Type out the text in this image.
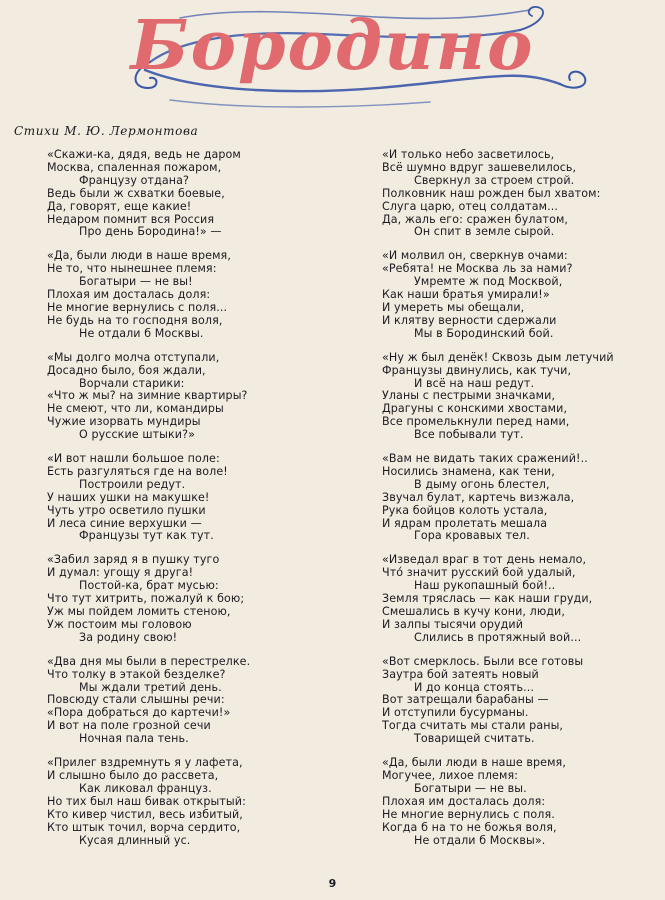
Бородино
Стихи М. Ю. Лермонтова
«Скажи-ка, дядя, ведь не даром
Москва, спаленная пожаром,
Французу отдана?
Ведь были ж схватки боевые,
Да, говорят, еще какие!
Недаром помнит вся Россия
Про день Бородина!» —
«Да, были люди в наше время,
Не то, что нынешнее племя:
Богатыри — не вы!
Плохая им досталась доля:
Не многие вернулись с поля...
Не будь на то господня воля,
Не отдали б Москвы.
«Мы долго молча отступали,
Досадно было, боя ждали,
Ворчали старики:
«Что ж мы? на зимние квартиры?
Не смеют, что ли, командиры
Чужие изорвать мундиры
О русские штыки?»
«И вот нашли большое поле:
Есть разгуляться где на воле!
Построили редут.
У наших ушки на макушке!
Чуть утро осветило пушки
И леса синие верхушки —
Французы тут как тут.
«Забил заряд я в пушку туго
И думал: угощу я друга!
Постой-ка, брат мусью:
Что тут хитрить, пожалуй к бою;
Уж мы пойдем ломить стеною,
Уж постоим мы головою
За родину свою!
«Два дня мы были в перестрелке.
Что толку в этакой безделке?
Мы ждали третий день.
Повсюду стали слышны речи:
«Пора добраться до картечи!»
И вот на поле грозной сечи
Ночная пала тень.
«Прилег вздремнуть я у лафета,
И слышно было до рассвета,
Как ликовал француз.
Но тих был наш бивак открытый:
Кто кивер чистил, весь избитый,
Кто штык точил, ворча сердито,
Кусая длинный ус.
«И только небо засветилось,
Всё шумно вдруг зашевелилось,
Сверкнул за строем строй.
Полковник наш рожден был хватом:
Слуга царю, отец солдатам...
Да, жаль его: сражен булатом,
Он спит в земле сырой.
«И молвил он, сверкнув очами:
«Ребята! не Москва ль за нами?
Умремте ж под Москвой,
Как наши братья умирали!»
И умереть мы обещали,
И клятву верности сдержали
Мы в Бородинский бой.
«Ну ж был денёк! Сквозь дым летучий
Французы двинулись, как тучи,
И всё на наш редут.
Уланы с пестрыми значками,
Драгуны с конскими хвостами,
Все промелькнули перед нами,
Все побывали тут.
«Вам не видать таких сражений!..
Носились знамена, как тени,
В дыму огонь блестел,
Звучал булат, картечь визжала,
Рука бойцов колоть устала,
И ядрам пролетать мешала
Гора кровавых тел.
«Изведал враг в тот день немало,
Что́ значит русский бой удалый,
Наш рукопашный бой!..
Земля тряслась — как наши груди,
Смешались в кучу кони, люди,
И залпы тысячи орудий
Слились в протяжный вой...
«Вот смерклось. Были все готовы
Заутра бой затеять новый
И до конца стоять...
Вот затрещали барабаны —
И отступили бусурманы.
Тогда считать мы стали раны,
Товарищей считать.
«Да, были люди в наше время,
Могучее, лихое племя:
Богатыри — не вы.
Плохая им досталась доля:
Не многие вернулись с поля.
Когда б на то не божья воля,
Не отдали б Москвы».
9
